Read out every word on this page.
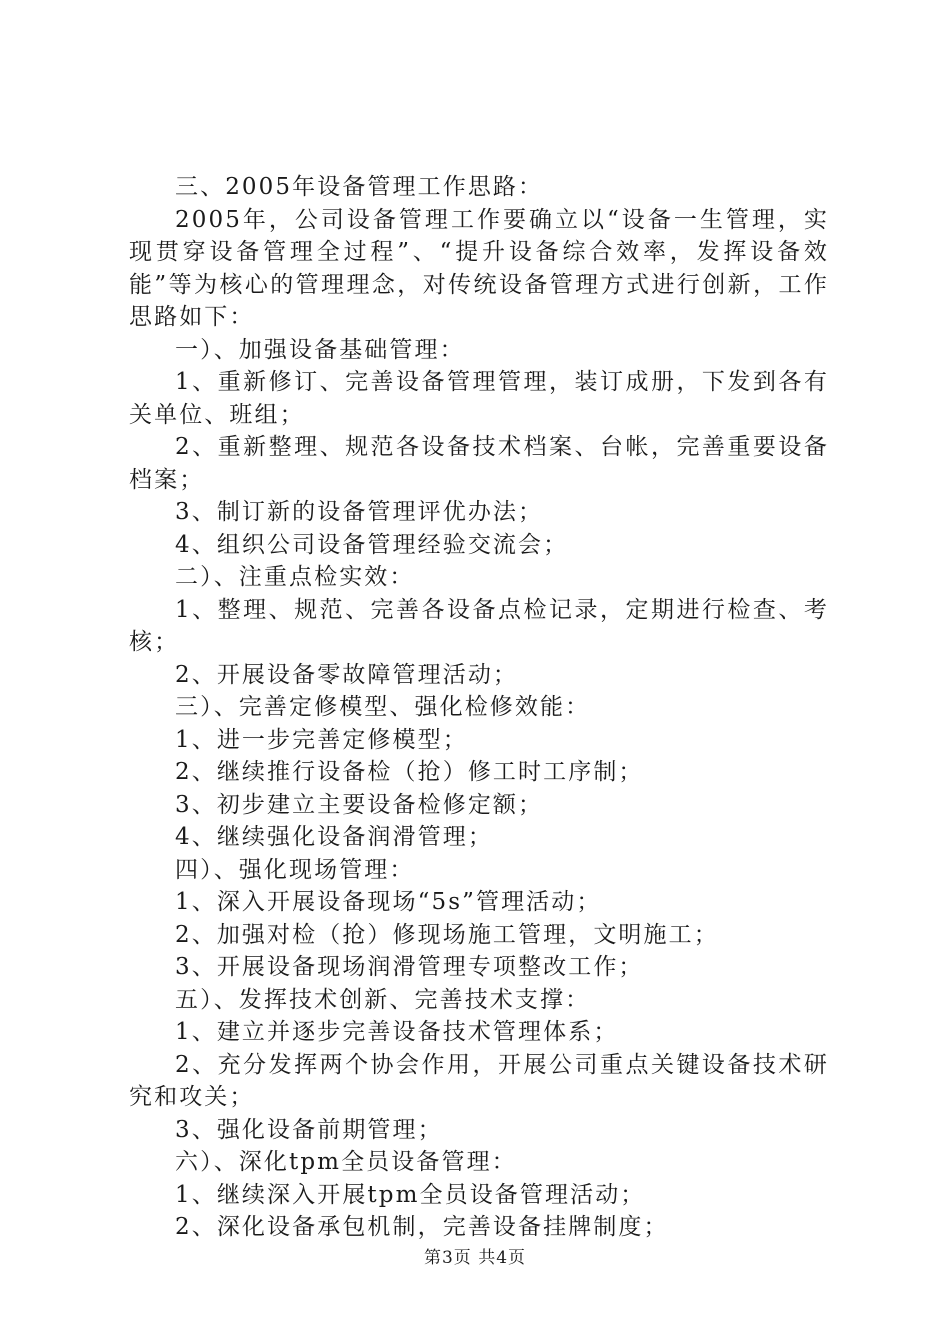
三、2005年设备管理工作思路：

2005年，公司设备管理工作要确立以“设备一生管理，实现贯穿设备管理全过程”、“提升设备综合效率，发挥设备效能”等为核心的管理理念，对传统设备管理方式进行创新，工作思路如下：

一）、加强设备基础管理：

1、重新修订、完善设备管理管理，装订成册，下发到各有关单位、班组；

2、重新整理、规范各设备技术档案、台帐，完善重要设备档案；

3、制订新的设备管理评优办法；

4、组织公司设备管理经验交流会；

二）、注重点检实效：

1、整理、规范、完善各设备点检记录，定期进行检查、考核；

2、开展设备零故障管理活动；

三）、完善定修模型、强化检修效能：

1、进一步完善定修模型；

2、继续推行设备检（抢）修工时工序制；

3、初步建立主要设备检修定额；

4、继续强化设备润滑管理；

四）、强化现场管理：

1、深入开展设备现场“5s”管理活动；

2、加强对检（抢）修现场施工管理，文明施工；

3、开展设备现场润滑管理专项整改工作；

五）、发挥技术创新、完善技术支撑：

1、建立并逐步完善设备技术管理体系；

2、充分发挥两个协会作用，开展公司重点关键设备技术研究和攻关；

3、强化设备前期管理；

六）、深化tpm全员设备管理：

1、继续深入开展tpm全员设备管理活动；

2、深化设备承包机制，完善设备挂牌制度；

第3页 共4页
